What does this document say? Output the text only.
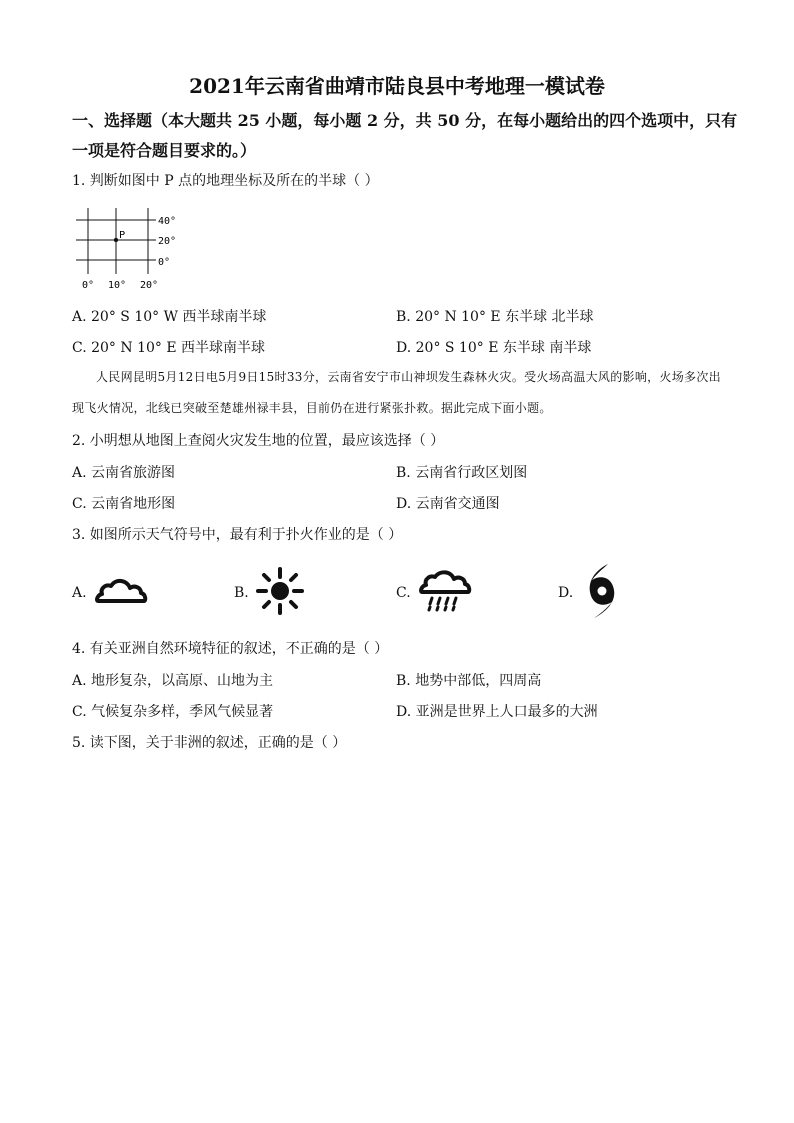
2021年云南省曲靖市陆良县中考地理一模试卷
一、选择题（本大题共 25 小题，每小题 2 分，共 50 分，在每小题给出的四个选项中，只有
一项是符合题目要求的。）
1. 判断如图中 P 点的地理坐标及所在的半球（ ）
P
40°
20°
0°
0° 10° 20°
A. 20° S 10° W 西半球南半球	B. 20° N 10° E 东半球 北半球
C. 20° N 10° E 西半球南半球	D. 20° S 10° E 东半球 南半球
人民网昆明5月12日电5月9日15时33分，云南省安宁市山神坝发生森林火灾。受火场高温大风的影响，火场多次出现飞火情况，北线已突破至楚雄州禄丰县，目前仍在进行紧张扑救。据此完成下面小题。
2. 小明想从地图上查阅火灾发生地的位置，最应该选择（ ）
A. 云南省旅游图	B. 云南省行政区划图
C. 云南省地形图	D. 云南省交通图
3. 如图所示天气符号中，最有利于扑火作业的是（ ）
A.	B.	C.	D.
4. 有关亚洲自然环境特征的叙述，不正确的是（ ）
A. 地形复杂，以高原、山地为主	B. 地势中部低，四周高
C. 气候复杂多样，季风气候显著	D. 亚洲是世界上人口最多的大洲
5. 读下图，关于非洲的叙述，正确的是（ ）
